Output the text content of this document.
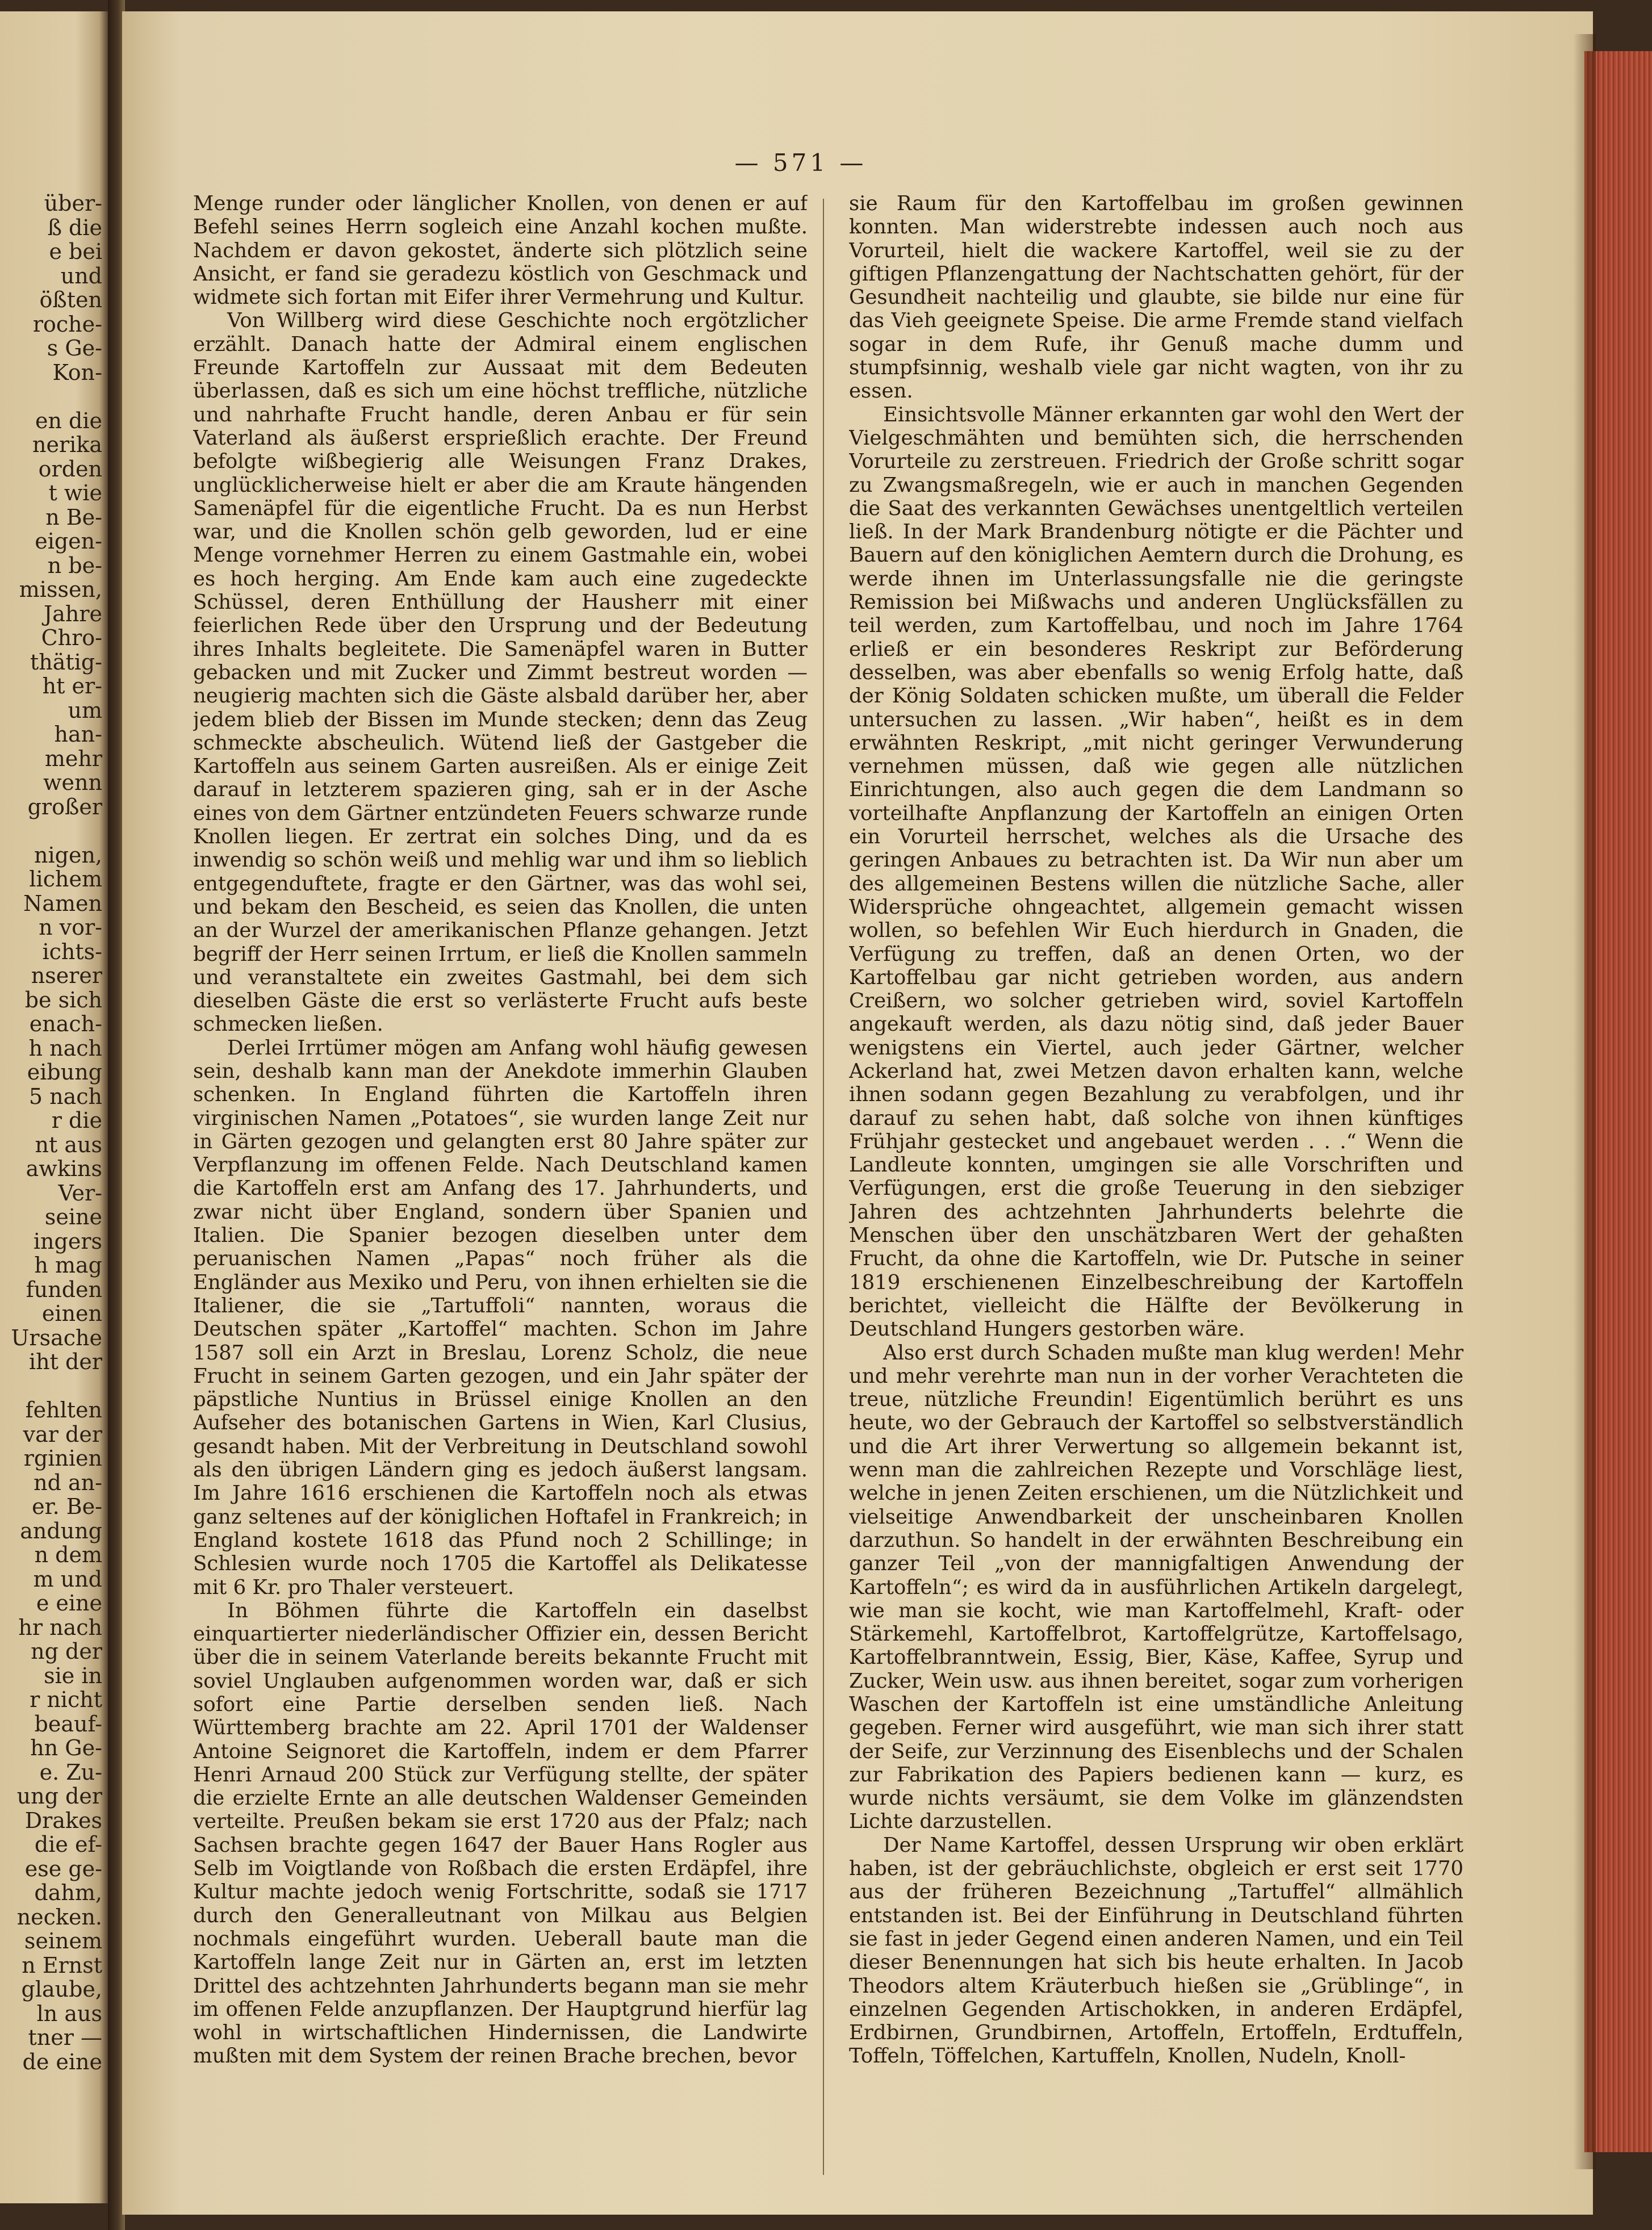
über-
ß die
e bei
und
ößten
roche-
s Ge-
Kon-
en die
nerika
orden
t wie
n Be-
eigen-
n be-
missen,
Jahre
Chro-
thätig-
ht er-
um
han-
mehr
wenn
großer
nigen,
lichem
Namen
n vor-
ichts-
nserer
be sich
enach-
h nach
eibung
5 nach
r die
nt aus
awkins
Ver-
seine
ingers
h mag
funden
einen
Ursache
iht der
fehlten
var der
rginien
nd an-
er. Be-
andung
n dem
m und
e eine
hr nach
ng der
sie in
r nicht
beauf-
hn Ge-
e. Zu-
ung der
Drakes
die ef-
ese ge-
dahm,
necken.
seinem
n Ernst
glaube,
ln aus
tner —
de eine
— 571 —

Menge runder oder länglicher Knollen, von denen er auf Befehl seines Herrn sogleich eine Anzahl kochen mußte. Nachdem er davon gekostet, änderte sich plötzlich seine Ansicht, er fand sie geradezu köstlich von Geschmack und widmete sich fortan mit Eifer ihrer Vermehrung und Kultur.

Von Willberg wird diese Geschichte noch ergötzlicher erzählt. Danach hatte der Admiral einem englischen Freunde Kartoffeln zur Aussaat mit dem Bedeuten überlassen, daß es sich um eine höchst treffliche, nützliche und nahrhafte Frucht handle, deren Anbau er für sein Vaterland als äußerst ersprießlich erachte. Der Freund befolgte wißbegierig alle Weisungen Franz Drakes, unglücklicherweise hielt er aber die am Kraute hängenden Samenäpfel für die eigentliche Frucht. Da es nun Herbst war, und die Knollen schön gelb geworden, lud er eine Menge vornehmer Herren zu einem Gastmahle ein, wobei es hoch herging. Am Ende kam auch eine zugedeckte Schüssel, deren Enthüllung der Hausherr mit einer feierlichen Rede über den Ursprung und der Bedeutung ihres Inhalts begleitete. Die Samenäpfel waren in Butter gebacken und mit Zucker und Zimmt bestreut worden — neugierig machten sich die Gäste alsbald darüber her, aber jedem blieb der Bissen im Munde stecken; denn das Zeug schmeckte abscheulich. Wütend ließ der Gastgeber die Kartoffeln aus seinem Garten ausreißen. Als er einige Zeit darauf in letzterem spazieren ging, sah er in der Asche eines von dem Gärtner entzündeten Feuers schwarze runde Knollen liegen. Er zertrat ein solches Ding, und da es inwendig so schön weiß und mehlig war und ihm so lieblich entgegenduftete, fragte er den Gärtner, was das wohl sei, und bekam den Bescheid, es seien das Knollen, die unten an der Wurzel der amerikanischen Pflanze gehangen. Jetzt begriff der Herr seinen Irrtum, er ließ die Knollen sammeln und veranstaltete ein zweites Gastmahl, bei dem sich dieselben Gäste die erst so verlästerte Frucht aufs beste schmecken ließen.

Derlei Irrtümer mögen am Anfang wohl häufig gewesen sein, deshalb kann man der Anekdote immerhin Glauben schenken. In England führten die Kartoffeln ihren virginischen Namen „Potatoes“, sie wurden lange Zeit nur in Gärten gezogen und gelangten erst 80 Jahre später zur Verpflanzung im offenen Felde. Nach Deutschland kamen die Kartoffeln erst am Anfang des 17. Jahrhunderts, und zwar nicht über England, sondern über Spanien und Italien. Die Spanier bezogen dieselben unter dem peruanischen Namen „Papas“ noch früher als die Engländer aus Mexiko und Peru, von ihnen erhielten sie die Italiener, die sie „Tartuffoli“ nannten, woraus die Deutschen später „Kartoffel“ machten. Schon im Jahre 1587 soll ein Arzt in Breslau, Lorenz Scholz, die neue Frucht in seinem Garten gezogen, und ein Jahr später der päpstliche Nuntius in Brüssel einige Knollen an den Aufseher des botanischen Gartens in Wien, Karl Clusius, gesandt haben. Mit der Verbreitung in Deutschland sowohl als den übrigen Ländern ging es jedoch äußerst langsam. Im Jahre 1616 erschienen die Kartoffeln noch als etwas ganz seltenes auf der königlichen Hoftafel in Frankreich; in England kostete 1618 das Pfund noch 2 Schillinge; in Schlesien wurde noch 1705 die Kartoffel als Delikatesse mit 6 Kr. pro Thaler versteuert.

In Böhmen führte die Kartoffeln ein daselbst einquartierter niederländischer Offizier ein, dessen Bericht über die in seinem Vaterlande bereits bekannte Frucht mit soviel Unglauben aufgenommen worden war, daß er sich sofort eine Partie derselben senden ließ. Nach Württemberg brachte am 22. April 1701 der Waldenser Antoine Seignoret die Kartoffeln, indem er dem Pfarrer Henri Arnaud 200 Stück zur Verfügung stellte, der später die erzielte Ernte an alle deutschen Waldenser Gemeinden verteilte. Preußen bekam sie erst 1720 aus der Pfalz; nach Sachsen brachte gegen 1647 der Bauer Hans Rogler aus Selb im Voigtlande von Roßbach die ersten Erdäpfel, ihre Kultur machte jedoch wenig Fortschritte, sodaß sie 1717 durch den Generalleutnant von Milkau aus Belgien nochmals eingeführt wurden. Ueberall baute man die Kartoffeln lange Zeit nur in Gärten an, erst im letzten Drittel des achtzehnten Jahrhunderts begann man sie mehr im offenen Felde anzupflanzen. Der Hauptgrund hierfür lag wohl in wirtschaftlichen Hindernissen, die Landwirte mußten mit dem System der reinen Brache brechen, bevor

sie Raum für den Kartoffelbau im großen gewinnen konnten. Man widerstrebte indessen auch noch aus Vorurteil, hielt die wackere Kartoffel, weil sie zu der giftigen Pflanzengattung der Nachtschatten gehört, für der Gesundheit nachteilig und glaubte, sie bilde nur eine für das Vieh geeignete Speise. Die arme Fremde stand vielfach sogar in dem Rufe, ihr Genuß mache dumm und stumpfsinnig, weshalb viele gar nicht wagten, von ihr zu essen.

Einsichtsvolle Männer erkannten gar wohl den Wert der Vielgeschmähten und bemühten sich, die herrschenden Vorurteile zu zerstreuen. Friedrich der Große schritt sogar zu Zwangsmaßregeln, wie er auch in manchen Gegenden die Saat des verkannten Gewächses unentgeltlich verteilen ließ. In der Mark Brandenburg nötigte er die Pächter und Bauern auf den königlichen Aemtern durch die Drohung, es werde ihnen im Unterlassungsfalle nie die geringste Remission bei Mißwachs und anderen Unglücksfällen zu teil werden, zum Kartoffelbau, und noch im Jahre 1764 erließ er ein besonderes Reskript zur Beförderung desselben, was aber ebenfalls so wenig Erfolg hatte, daß der König Soldaten schicken mußte, um überall die Felder untersuchen zu lassen. „Wir haben“, heißt es in dem erwähnten Reskript, „mit nicht geringer Verwunderung vernehmen müssen, daß wie gegen alle nützlichen Einrichtungen, also auch gegen die dem Landmann so vorteilhafte Anpflanzung der Kartoffeln an einigen Orten ein Vorurteil herrschet, welches als die Ursache des geringen Anbaues zu betrachten ist. Da Wir nun aber um des allgemeinen Bestens willen die nützliche Sache, aller Widersprüche ohngeachtet, allgemein gemacht wissen wollen, so befehlen Wir Euch hierdurch in Gnaden, die Verfügung zu treffen, daß an denen Orten, wo der Kartoffelbau gar nicht getrieben worden, aus andern Creißern, wo solcher getrieben wird, soviel Kartoffeln angekauft werden, als dazu nötig sind, daß jeder Bauer wenigstens ein Viertel, auch jeder Gärtner, welcher Ackerland hat, zwei Metzen davon erhalten kann, welche ihnen sodann gegen Bezahlung zu verabfolgen, und ihr darauf zu sehen habt, daß solche von ihnen künftiges Frühjahr gestecket und angebauet werden . . .“ Wenn die Landleute konnten, umgingen sie alle Vorschriften und Verfügungen, erst die große Teuerung in den siebziger Jahren des achtzehnten Jahrhunderts belehrte die Menschen über den unschätzbaren Wert der gehaßten Frucht, da ohne die Kartoffeln, wie Dr. Putsche in seiner 1819 erschienenen Einzelbeschreibung der Kartoffeln berichtet, vielleicht die Hälfte der Bevölkerung in Deutschland Hungers gestorben wäre.

Also erst durch Schaden mußte man klug werden! Mehr und mehr verehrte man nun in der vorher Verachteten die treue, nützliche Freundin! Eigentümlich berührt es uns heute, wo der Gebrauch der Kartoffel so selbstverständlich und die Art ihrer Verwertung so allgemein bekannt ist, wenn man die zahlreichen Rezepte und Vorschläge liest, welche in jenen Zeiten erschienen, um die Nützlichkeit und vielseitige Anwendbarkeit der unscheinbaren Knollen darzuthun. So handelt in der erwähnten Beschreibung ein ganzer Teil „von der mannigfaltigen Anwendung der Kartoffeln“; es wird da in ausführlichen Artikeln dargelegt, wie man sie kocht, wie man Kartoffelmehl, Kraft- oder Stärkemehl, Kartoffelbrot, Kartoffelgrütze, Kartoffelsago, Kartoffelbranntwein, Essig, Bier, Käse, Kaffee, Syrup und Zucker, Wein usw. aus ihnen bereitet, sogar zum vorherigen Waschen der Kartoffeln ist eine umständliche Anleitung gegeben. Ferner wird ausgeführt, wie man sich ihrer statt der Seife, zur Verzinnung des Eisenblechs und der Schalen zur Fabrikation des Papiers bedienen kann — kurz, es wurde nichts versäumt, sie dem Volke im glänzendsten Lichte darzustellen.

Der Name Kartoffel, dessen Ursprung wir oben erklärt haben, ist der gebräuchlichste, obgleich er erst seit 1770 aus der früheren Bezeichnung „Tartuffel“ allmählich entstanden ist. Bei der Einführung in Deutschland führten sie fast in jeder Gegend einen anderen Namen, und ein Teil dieser Benennungen hat sich bis heute erhalten. In Jacob Theodors altem Kräuterbuch hießen sie „Grüblinge“, in einzelnen Gegenden Artischokken, in anderen Erdäpfel, Erdbirnen, Grundbirnen, Artoffeln, Ertoffeln, Erdtuffeln, Toffeln, Töffelchen, Kartuffeln, Knollen, Nudeln, Knoll-
